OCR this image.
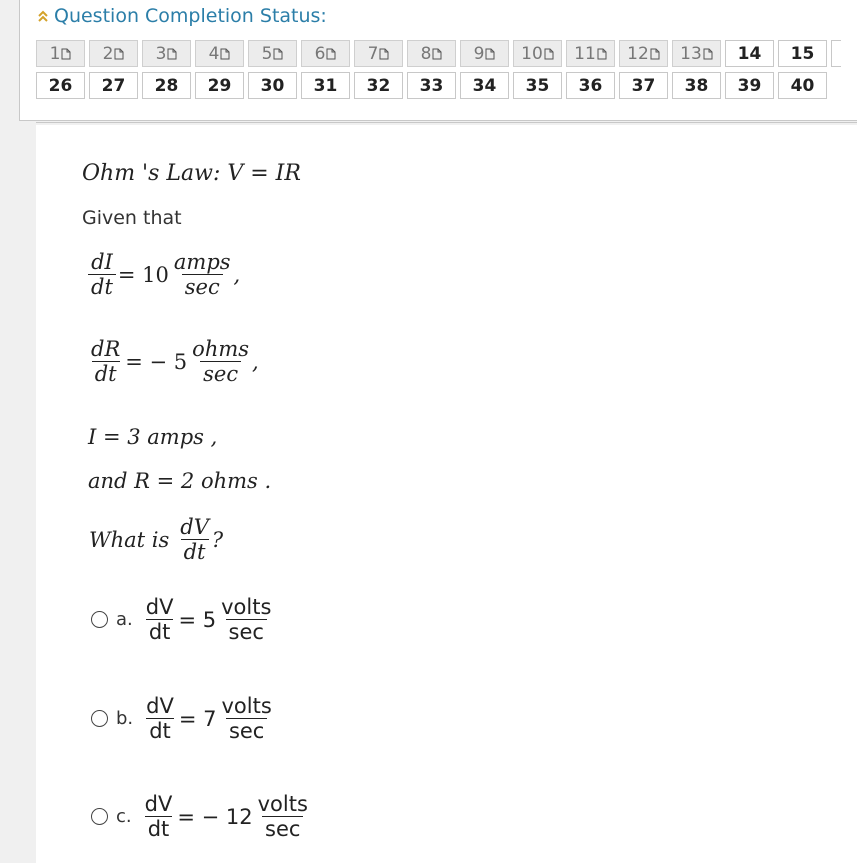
Question Completion Status:
1 2 3 4 5 6 7 8 9 10 11 12 13 14 15
26 27 28 29 30 31 32 33 34 35 36 37 38 39 40
Ohm 's Law: V = IR
Given that
$\frac{dI}{dt} = 10 \frac{\text{amps}}{\sec}$ ,
$\frac{dR}{dt}$ = − $5 \frac{\text{ohms}}{\sec}$ ,
I = 3 amps ,
and R = 2 ohms .
What is $\frac{dV}{dt}$ ?
a. $\frac{dV}{dt} = 5 \frac{\text{volts}}{\sec}$
b. $\frac{dV}{dt} = 7 \frac{\text{volts}}{\sec}$
c. $\frac{dV}{dt}$ = − $12 \frac{\text{volts}}{\sec}$
